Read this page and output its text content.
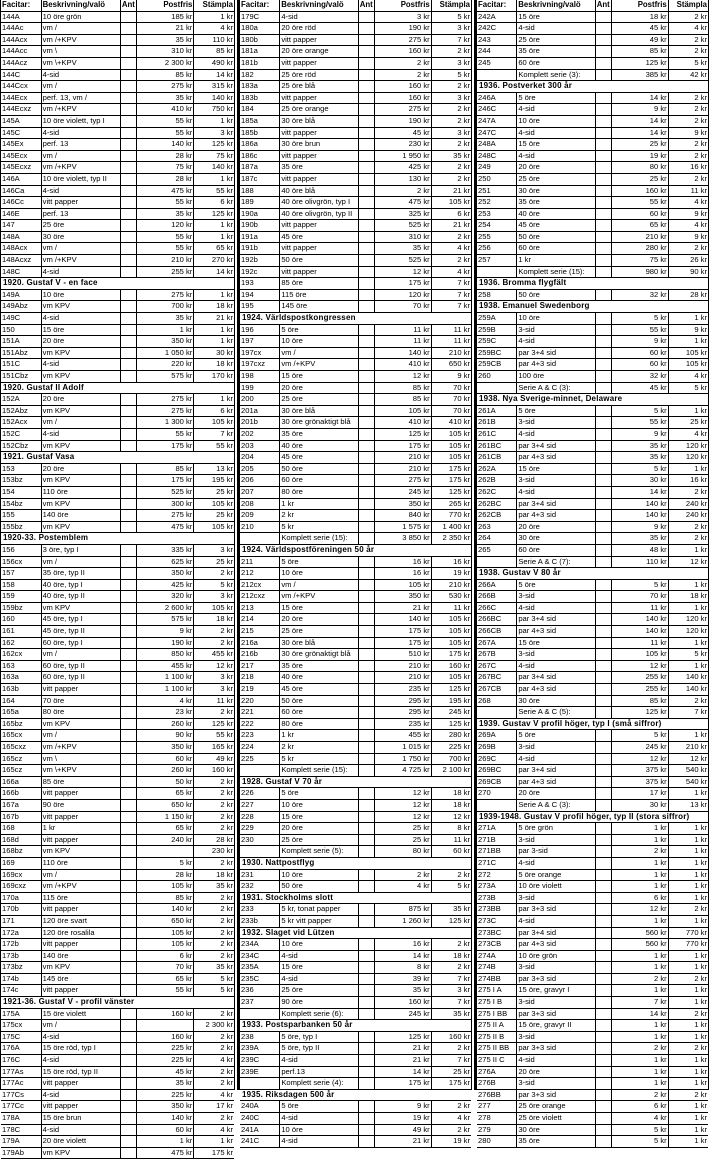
Facitar:	Beskrivning/valö	Ant	Postfris	Stämpla
144A	10 öre grön	185 kr	1 kr
144Ac	vm /	21 kr	4 kr
144Acx	vm /+KPV	35 kr	110 kr
144Acc	vm \	310 kr	85 kr
144Acz	vm \+KPV	2 300 kr	490 kr
144C	4-sid	85 kr	14 kr
144Ccx	vm /	275 kr	315 kr
144Ecx	perf. 13, vm /	35 kr	140 kr
144Ecxz	vm /+KPV	410 kr	750 kr
145A	10 öre violett, typ I	55 kr	1 kr
145C	4-sid	55 kr	3 kr
145Ex	perf. 13	140 kr	125 kr
145Ecx	vm /	28 kr	75 kr
145Ecxz	vm /+KPV	75 kr	140 kr
146A	10 öre violett, typ II	28 kr	1 kr
146Ca	4-sid	475 kr	55 kr
146Cc	vitt papper	55 kr	6 kr
146E	perf. 13	35 kr	125 kr
147	25 öre	120 kr	1 kr
148A	30 öre	55 kr	1 kr
148Acx	vm /	55 kr	65 kr
148Acxz	vm /+KPV	210 kr	270 kr
148C	4-sid	255 kr	14 kr
1920. Gustaf V - en face
149A	10 öre	275 kr	1 kr
149Abz	vm KPV	700 kr	18 kr
149C	4-sid	35 kr	21 kr
150	15 öre	1 kr	1 kr
151A	20 öre	350 kr	1 kr
151Abz	vm KPV	1 050 kr	30 kr
151C	4-sid	220 kr	18 kr
151Cbz	vm KPV	575 kr	170 kr
1920. Gustaf II Adolf
152A	20 öre	275 kr	1 kr
152Abz	vm KPV	275 kr	6 kr
152Acx	vm /	1 300 kr	105 kr
152C	4-sid	55 kr	7 kr
152Cbz	vm KPV	175 kr	55 kr
1921. Gustaf Vasa
153	20 öre	85 kr	13 kr
153bz	vm KPV	175 kr	195 kr
154	110 öre	525 kr	25 kr
154bz	vm KPV	300 kr	105 kr
155	140 öre	275 kr	25 kr
155bz	vm KPV	475 kr	105 kr
1920-33. Postemblem
156	3 öre, typ I	335 kr	3 kr
156cx	vm /	625 kr	25 kr
157	35 öre, typ II	350 kr	2 kr
158	40 öre, typ I	425 kr	5 kr
159	40 öre, typ II	320 kr	3 kr
159bz	vm KPV	2 600 kr	105 kr
160	45 öre, typ I	575 kr	18 kr
161	45 öre, typ II	9 kr	2 kr
162	60 öre, typ I	190 kr	2 kr
162cx	vm /	850 kr	455 kr
163	60 öre, typ II	455 kr	12 kr
163a	60 öre, typ II	1 100 kr	3 kr
163b	vitt papper	1 100 kr	3 kr
164	70 öre	4 kr	11 kr
165a	80 öre	23 kr	2 kr
165bz	vm KPV	260 kr	125 kr
165cx	vm /	90 kr	55 kr
165cxz	vm /+KPV	350 kr	165 kr
165cz	vm \	60 kr	49 kr
165cz	vm \+KPV	260 kr	160 kr
166a	85 öre	50 kr	2 kr
166b	vitt papper	65 kr	2 kr
167a	90 öre	650 kr	2 kr
167b	vitt papper	1 150 kr	2 kr
168	1 kr	65 kr	2 kr
168d	vitt papper	240 kr	28 kr
168bz	vm KPV	230 kr
169	110 öre	5 kr	2 kr
169cx	vm /	28 kr	18 kr
169cxz	vm /+KPV	105 kr	35 kr
170a	115 öre	85 kr	2 kr
170b	vitt papper	140 kr	2 kr
171	120 öre svart	650 kr	2 kr
172a	120 öre rosalila	105 kr	2 kr
172b	vitt papper	105 kr	2 kr
173b	140 öre	6 kr	2 kr
173bz	vm KPV	70 kr	35 kr
174b	145 öre	65 kr	5 kr
174c	vitt papper	55 kr	5 kr
1921-36. Gustaf V - profil vänster
175A	15 öre violett	160 kr	2 kr
175cx	vm /	2 300 kr
175C	4-sid	160 kr	2 kr
176A	15 öre röd, typ I	225 kr	2 kr
176C	4-sid	225 kr	4 kr
177As	15 öre röd, typ II	45 kr	2 kr
177Ac	vitt papper	35 kr	2 kr
177Cs	4-sid	225 kr	4 kr
177Cc	vitt papper	350 kr	17 kr
178A	15 öre brun	140 kr	2 kr
178C	4-sid	60 kr	4 kr
179A	20 öre violett	1 kr	1 kr
179Ab	vm KPV	475 kr	175 kr
Facitar:	Beskrivning/valö	Ant	Postfris	Stämpla
179C	4-sid	3 kr	5 kr
180a	20 öre röd	190 kr	3 kr
180b	vitt papper	275 kr	7 kr
181a	20 öre orange	160 kr	2 kr
181b	vitt papper	2 kr	3 kr
182	25 öre röd	2 kr	5 kr
183a	25 öre blå	160 kr	2 kr
183b	vitt papper	160 kr	3 kr
184	25 öre orange	275 kr	2 kr
185a	30 öre blå	190 kr	2 kr
185b	vitt papper	45 kr	3 kr
186a	30 öre brun	230 kr	2 kr
186c	vitt papper	1 950 kr	35 kr
187a	35 öre	425 kr	2 kr
187c	vitt papper	130 kr	2 kr
188	40 öre blå	2 kr	21 kr
189	40 öre olivgrön, typ I	475 kr	105 kr
190a	40 öre olivgrön, typ II	325 kr	6 kr
190b	vitt papper	525 kr	21 kr
191a	45 öre	310 kr	2 kr
191b	vitt papper	35 kr	4 kr
192b	50 öre	525 kr	2 kr
192c	vitt papper	12 kr	4 kr
193	85 öre	175 kr	7 kr
194	115 öre	120 kr	7 kr
195	145 öre	70 kr	7 kr
1924. Världspostkongressen
196	5 öre	11 kr	11 kr
197	10 öre	11 kr	11 kr
197cx	vm /	140 kr	210 kr
197cxz	vm /+KPV	410 kr	650 kr
198	15 öre	12 kr	9 kr
199	20 öre	85 kr	70 kr
200	25 öre	85 kr	70 kr
201a	30 öre blå	105 kr	70 kr
201b	30 öre grönaktigt blå	410 kr	410 kr
202	35 öre	125 kr	105 kr
203	40 öre	175 kr	105 kr
204	45 öre	210 kr	105 kr
205	50 öre	210 kr	175 kr
206	60 öre	275 kr	175 kr
207	80 öre	245 kr	125 kr
208	1 kr	350 kr	265 kr
209	2 kr	840 kr	770 kr
210	5 kr	1 575 kr	1 400 kr
Komplett serie (15):	3 850 kr	2 350 kr
1924. Världspostföreningen 50 år
211	5 öre	16 kr	16 kr
212	10 öre	16 kr	19 kr
212cx	vm /	105 kr	210 kr
212cxz	vm /+KPV	350 kr	530 kr
213	15 öre	21 kr	11 kr
214	20 öre	140 kr	105 kr
215	25 öre	175 kr	105 kr
216a	30 öre blå	175 kr	105 kr
216b	30 öre grönaktigt blå	510 kr	175 kr
217	35 öre	210 kr	160 kr
218	40 öre	210 kr	105 kr
219	45 öre	235 kr	125 kr
220	50 öre	295 kr	195 kr
221	60 öre	295 kr	245 kr
222	80 öre	235 kr	125 kr
223	1 kr	455 kr	280 kr
224	2 kr	1 015 kr	225 kr
225	5 kr	1 750 kr	700 kr
Komplett serie (15):	4 725 kr	2 100 kr
1928. Gustaf V 70 år
226	5 öre	12 kr	18 kr
227	10 öre	12 kr	18 kr
228	15 öre	12 kr	12 kr
229	20 öre	25 kr	8 kr
230	25 öre	25 kr	11 kr
Komplett serie (5):	80 kr	60 kr
1930. Nattpostflyg
231	10 öre	2 kr	2 kr
232	50 öre	4 kr	5 kr
1931. Stockholms slott
233	5 kr, tonat papper	875 kr	35 kr
233b	5 kr vitt papper	1 260 kr	125 kr
1932. Slaget vid Lützen
234A	10 öre	16 kr	2 kr
234C	4-sid	14 kr	18 kr
235A	15 öre	8 kr	2 kr
235C	4-sid	39 kr	7 kr
236	25 öre	35 kr	3 kr
237	90 öre	160 kr	7 kr
Komplett serie (6):	245 kr	35 kr
1933. Postsparbanken 50 år
238	5 öre, typ I	125 kr	160 kr
239A	5 öre, typ II	21 kr	2 kr
239C	4-sid	21 kr	7 kr
239E	perf.13	14 kr	25 kr
Komplett serie (4):	175 kr	175 kr
1935. Riksdagen 500 år
240A	5 öre	9 kr	2 kr
240C	4-sid	19 kr	4 kr
241A	10 öre	49 kr	2 kr
241C	4-sid	21 kr	19 kr
Facitar:	Beskrivning/valö	Ant	Postfris	Stämpla
242A	15 öre	18 kr	2 kr
242C	4-sid	45 kr	4 kr
243	25 öre	49 kr	2 kr
244	35 öre	85 kr	2 kr
245	60 öre	125 kr	5 kr
Komplett serie (3):	385 kr	42 kr
1936. Postverket 300 år
246A	5 öre	14 kr	2 kr
246C	4-sid	9 kr	2 kr
247A	10 öre	14 kr	2 kr
247C	4-sid	14 kr	9 kr
248A	15 öre	25 kr	2 kr
248C	4-sid	19 kr	2 kr
249	20 öre	80 kr	16 kr
250	25 öre	25 kr	2 kr
251	30 öre	160 kr	11 kr
252	35 öre	55 kr	4 kr
253	40 öre	60 kr	9 kr
254	45 öre	65 kr	4 kr
255	50 öre	210 kr	9 kr
256	60 öre	280 kr	2 kr
257	1 kr	75 kr	26 kr
Komplett serie (15):	980 kr	90 kr
1936. Bromma flygfält
258	50 öre	32 kr	28 kr
1938. Emanuel Swedenborg
259A	10 öre	5 kr	1 kr
259B	3-sid	55 kr	9 kr
259C	4-sid	9 kr	1 kr
259BC	par 3+4 sid	60 kr	105 kr
259CB	par 4+3 sid	60 kr	105 kr
260	100 öre	32 kr	4 kr
Serie A & C (3):	45 kr	5 kr
1938. Nya Sverige-minnet, Delaware
261A	5 öre	5 kr	1 kr
261B	3-sid	55 kr	25 kr
261C	4-sid	9 kr	4 kr
261BC	par 3+4 sid	35 kr	120 kr
261CB	par 4+3 sid	35 kr	120 kr
262A	15 öre	5 kr	1 kr
262B	3-sid	30 kr	16 kr
262C	4-sid	14 kr	2 kr
262BC	par 3+4 sid	140 kr	240 kr
262CB	par 4+3 sid	140 kr	240 kr
263	20 öre	9 kr	2 kr
264	30 öre	35 kr	2 kr
265	60 öre	48 kr	1 kr
Serie A & C (7):	110 kr	12 kr
1938. Gustav V 80 år
266A	5 öre	5 kr	1 kr
266B	3-sid	70 kr	18 kr
266C	4-sid	11 kr	1 kr
266BC	par 3+4 sid	140 kr	120 kr
266CB	par 4+3 sid	140 kr	120 kr
267A	15 öre	11 kr	1 kr
267B	3-sid	105 kr	5 kr
267C	4-sid	12 kr	1 kr
267BC	par 3+4 sid	255 kr	140 kr
267CB	par 4+3 sid	255 kr	140 kr
268	30 öre	85 kr	2 kr
Serie A & C (5):	125 kr	7 kr
1939. Gustav V profil höger, typ I (små siffror)
269A	5 öre	5 kr	1 kr
269B	3-sid	245 kr	210 kr
269C	4-sid	12 kr	12 kr
269BC	par 3+4 sid	375 kr	540 kr
269CB	par 4+3 sid	375 kr	540 kr
270	20 öre	17 kr	1 kr
Serie A & C (3):	30 kr	13 kr
1939-1948. Gustav V profil höger, typ II (stora siffror)
271A	5 öre grön	1 kr	1 kr
271B	3-sid	1 kr	1 kr
271BB	par 3-sid	2 kr	1 kr
271C	4-sid	1 kr	1 kr
272	5 öre orange	1 kr	1 kr
273A	10 öre violett	1 kr	1 kr
273B	3-sid	6 kr	1 kr
273BB	par 3+3 sid	12 kr	2 kr
273C	4-sid	1 kr	1 kr
273BC	par 3+4 sid	560 kr	770 kr
273CB	par 4+3 sid	560 kr	770 kr
274A	10 öre grön	1 kr	1 kr
274B	3-sid	1 kr	1 kr
274BB	par 3+3 sid	2 kr	2 kr
275 I A	15 öre, gravyr I	1 kr	1 kr
275 I B	3-sid	7 kr	1 kr
275 I BB	par 3+3 sid	14 kr	2 kr
275 II A	15 öre, gravyr II	1 kr	1 kr
275 II B	3-sid	1 kr	1 kr
275 II BB	par 3+3 sid	2 kr	2 kr
275 II C	4-sid	1 kr	1 kr
276A	20 öre	1 kr	1 kr
276B	3-sid	1 kr	1 kr
276BB	par 3+3 sid	2 kr	2 kr
277	25 öre orange	6 kr	1 kr
278	25 öre violett	4 kr	1 kr
279	30 öre	5 kr	1 kr
280	35 öre	5 kr	1 kr
